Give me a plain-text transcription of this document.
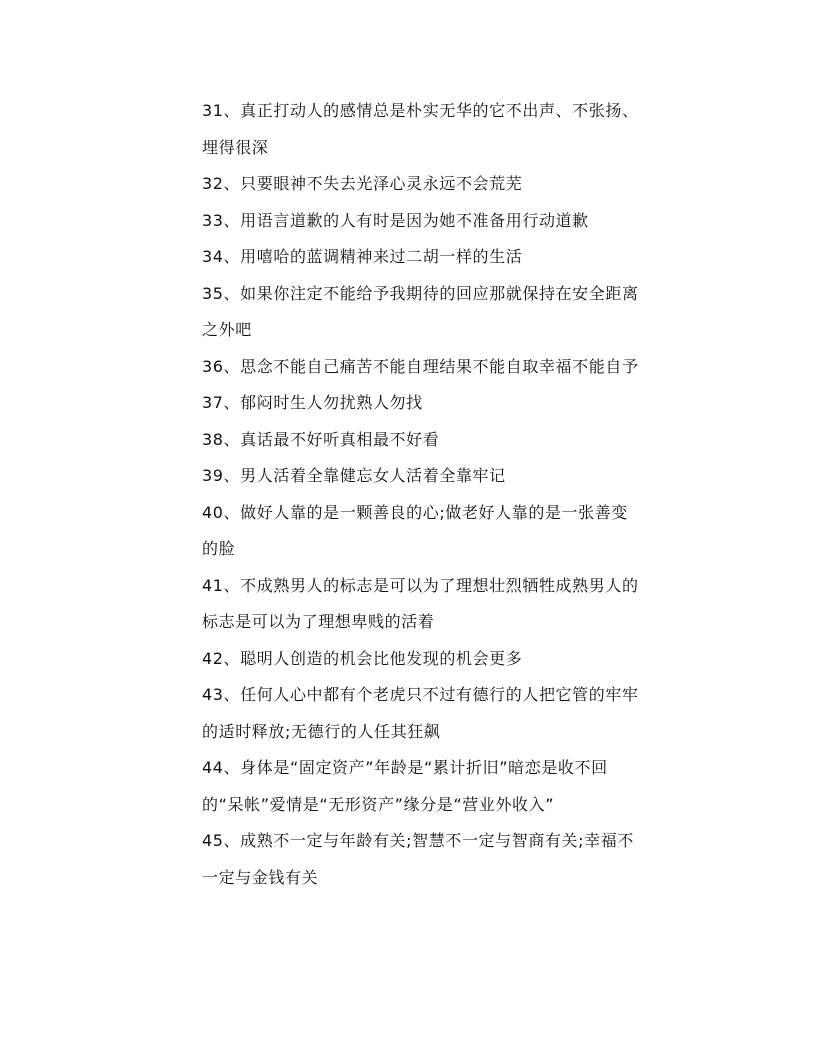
31、真正打动人的感情总是朴实无华的它不出声、不张扬、
埋得很深

32、只要眼神不失去光泽心灵永远不会荒芜

33、用语言道歉的人有时是因为她不准备用行动道歉

34、用嘻哈的蓝调精神来过二胡一样的生活

35、如果你注定不能给予我期待的回应那就保持在安全距离
之外吧

36、思念不能自己痛苦不能自理结果不能自取幸福不能自予

37、郁闷时生人勿扰熟人勿找

38、真话最不好听真相最不好看

39、男人活着全靠健忘女人活着全靠牢记

40、做好人靠的是一颗善良的心;做老好人靠的是一张善变
的脸

41、不成熟男人的标志是可以为了理想壮烈牺牲成熟男人的
标志是可以为了理想卑贱的活着

42、聪明人创造的机会比他发现的机会更多

43、任何人心中都有个老虎只不过有德行的人把它管的牢牢
的适时释放;无德行的人任其狂飙

44、身体是“固定资产”年龄是“累计折旧”暗恋是收不回
的“呆帐”爱情是“无形资产”缘分是“营业外收入”

45、成熟不一定与年龄有关;智慧不一定与智商有关;幸福不
一定与金钱有关
